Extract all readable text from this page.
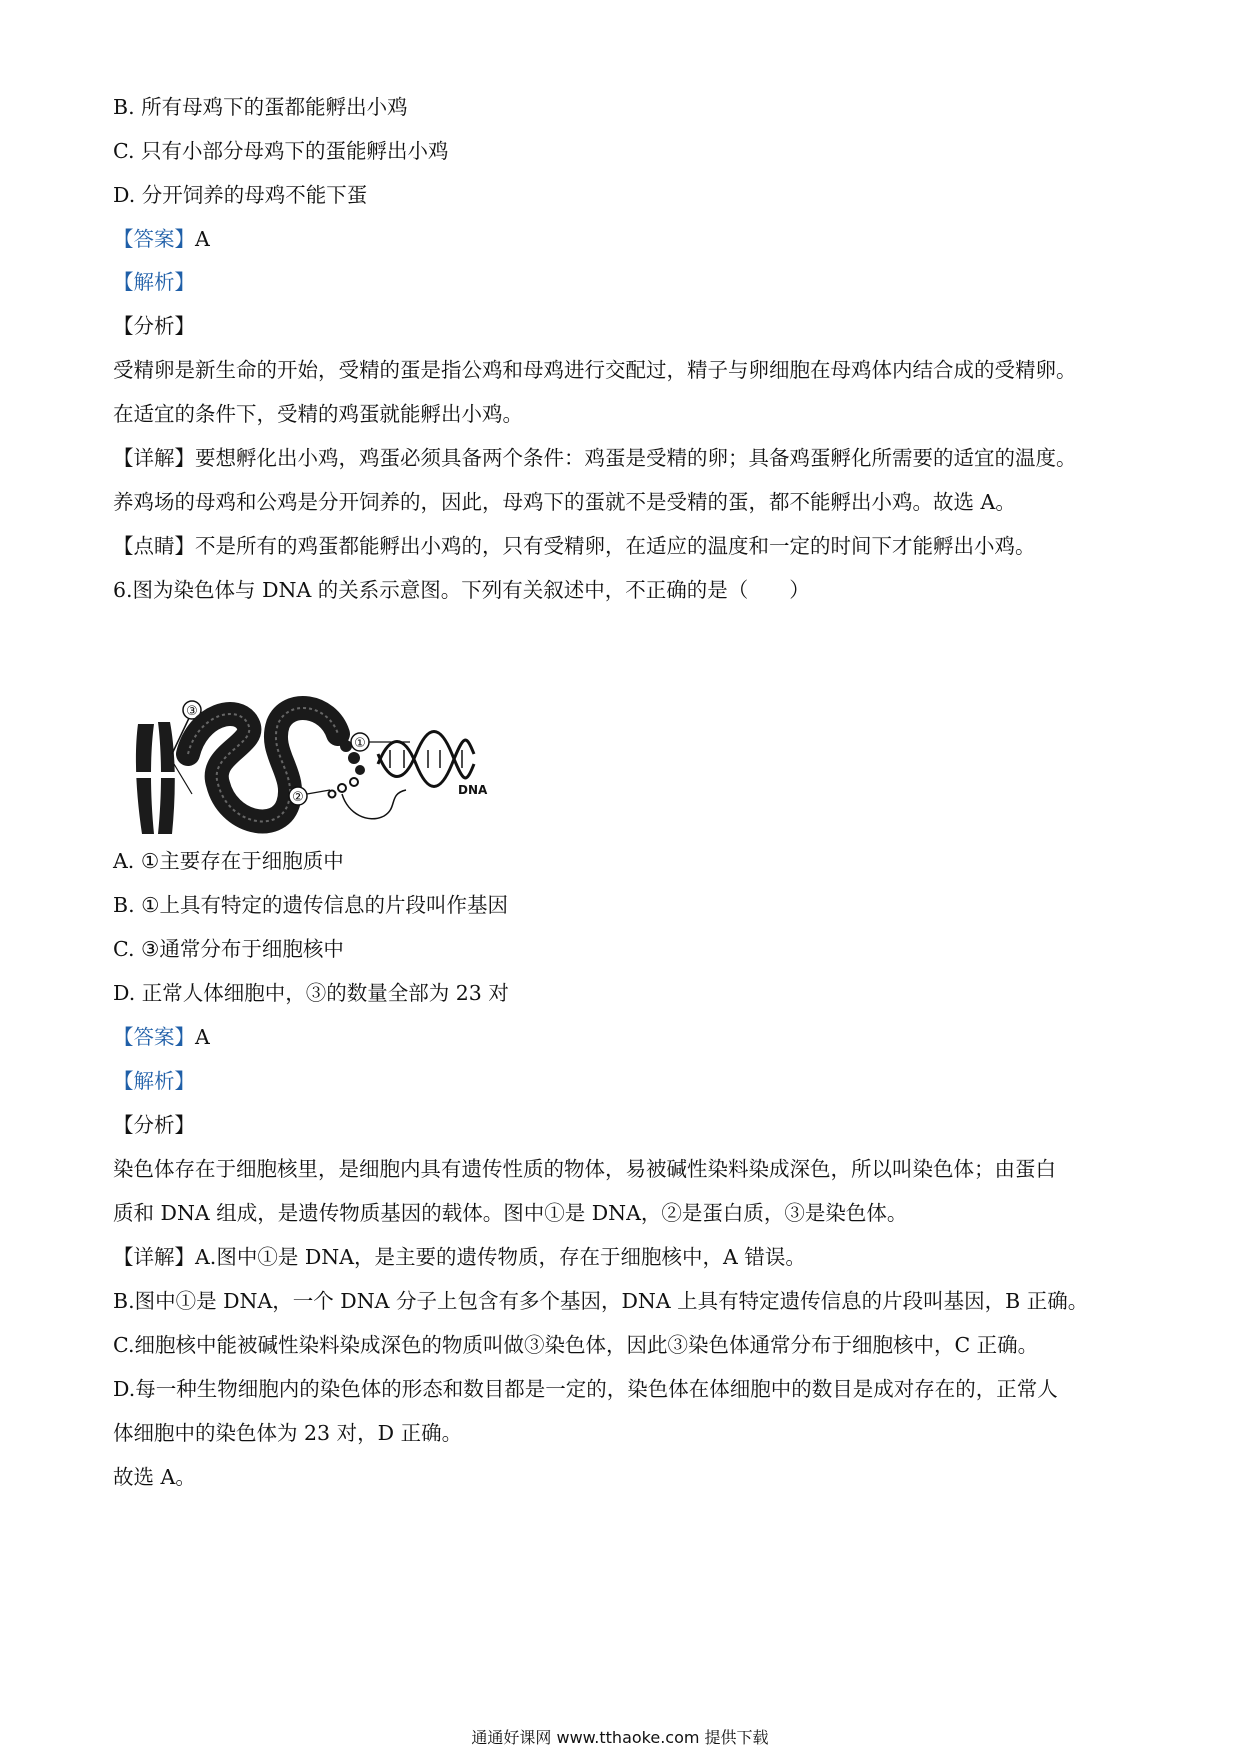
B. 所有母鸡下的蛋都能孵出小鸡

C. 只有小部分母鸡下的蛋能孵出小鸡

D. 分开饲养的母鸡不能下蛋

【答案】A

【解析】

【分析】

受精卵是新生命的开始，受精的蛋是指公鸡和母鸡进行交配过，精子与卵细胞在母鸡体内结合成的受精卵。

在适宜的条件下，受精的鸡蛋就能孵出小鸡。

【详解】要想孵化出小鸡，鸡蛋必须具备两个条件：鸡蛋是受精的卵；具备鸡蛋孵化所需要的适宜的温度。

养鸡场的母鸡和公鸡是分开饲养的，因此，母鸡下的蛋就不是受精的蛋，都不能孵出小鸡。故选 A。

【点睛】不是所有的鸡蛋都能孵出小鸡的，只有受精卵，在适应的温度和一定的时间下才能孵出小鸡。

6.图为染色体与 DNA 的关系示意图。下列有关叙述中，不正确的是（　　）

③
①
②	DNA

A. ①主要存在于细胞质中

B. ①上具有特定的遗传信息的片段叫作基因

C. ③通常分布于细胞核中

D. 正常人体细胞中，③的数量全部为 23 对

【答案】A

【解析】

【分析】

染色体存在于细胞核里，是细胞内具有遗传性质的物体，易被碱性染料染成深色，所以叫染色体；由蛋白

质和 DNA 组成，是遗传物质基因的载体。图中①是 DNA，②是蛋白质，③是染色体。

【详解】A.图中①是 DNA，是主要的遗传物质，存在于细胞核中，A 错误。

B.图中①是 DNA，一个 DNA 分子上包含有多个基因，DNA 上具有特定遗传信息的片段叫基因，B 正确。

C.细胞核中能被碱性染料染成深色的物质叫做③染色体，因此③染色体通常分布于细胞核中，C 正确。

D.每一种生物细胞内的染色体的形态和数目都是一定的，染色体在体细胞中的数目是成对存在的，正常人

体细胞中的染色体为 23 对，D 正确。

故选 A。

通通好课网 www.tthaoke.com 提供下载
